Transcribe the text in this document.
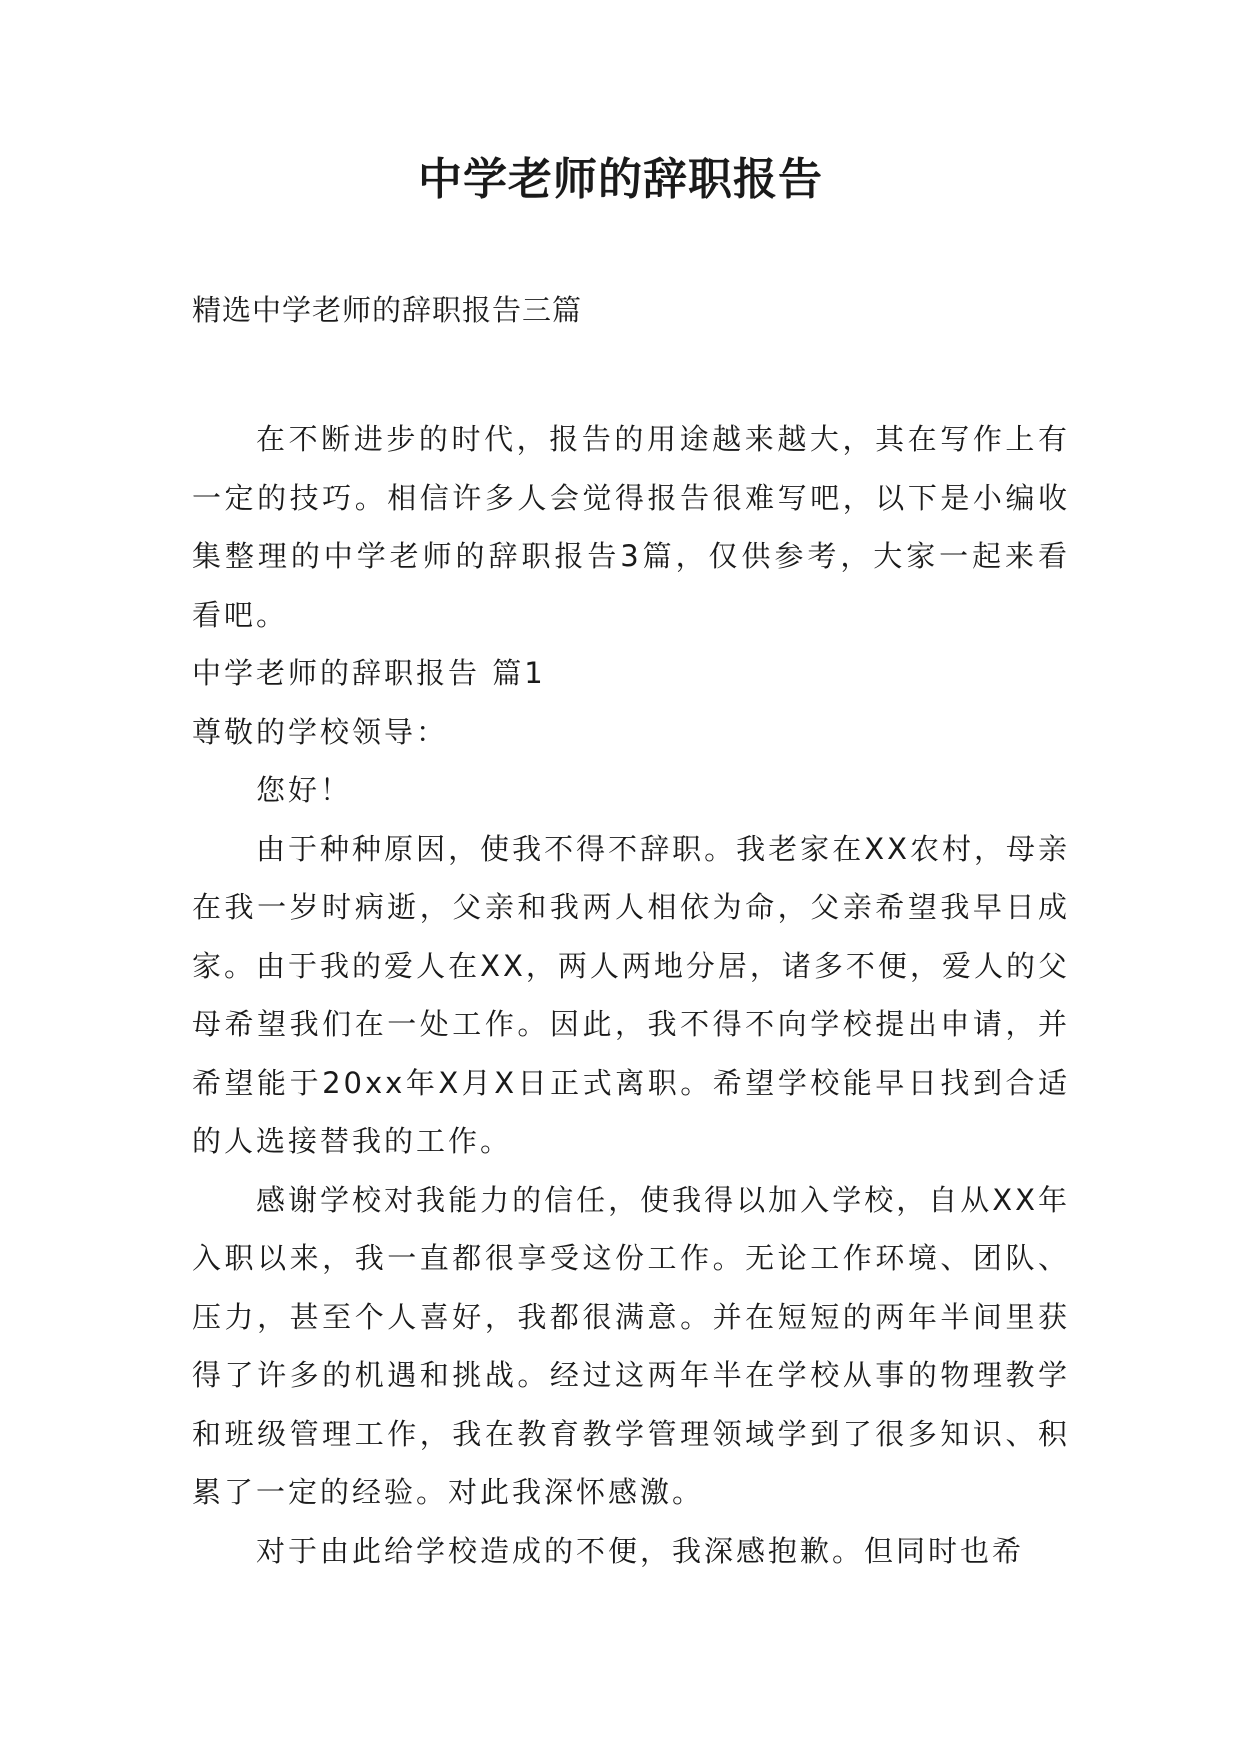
中学老师的辞职报告
精选中学老师的辞职报告三篇

在不断进步的时代，报告的用途越来越大，其在写作上有一定的技巧。相信许多人会觉得报告很难写吧，以下是小编收集整理的中学老师的辞职报告3篇，仅供参考，大家一起来看看吧。

中学老师的辞职报告 篇1

尊敬的学校领导：

您好！

由于种种原因，使我不得不辞职。我老家在XX农村，母亲在我一岁时病逝，父亲和我两人相依为命，父亲希望我早日成家。由于我的爱人在XX，两人两地分居，诸多不便，爱人的父母希望我们在一处工作。因此，我不得不向学校提出申请，并希望能于20xx年X月X日正式离职。希望学校能早日找到合适的人选接替我的工作。

感谢学校对我能力的信任，使我得以加入学校，自从XX年入职以来，我一直都很享受这份工作。无论工作环境、团队、压力，甚至个人喜好，我都很满意。并在短短的两年半间里获得了许多的机遇和挑战。经过这两年半在学校从事的物理教学和班级管理工作，我在教育教学管理领域学到了很多知识、积累了一定的经验。对此我深怀感激。

对于由此给学校造成的不便，我深感抱歉。但同时也希
